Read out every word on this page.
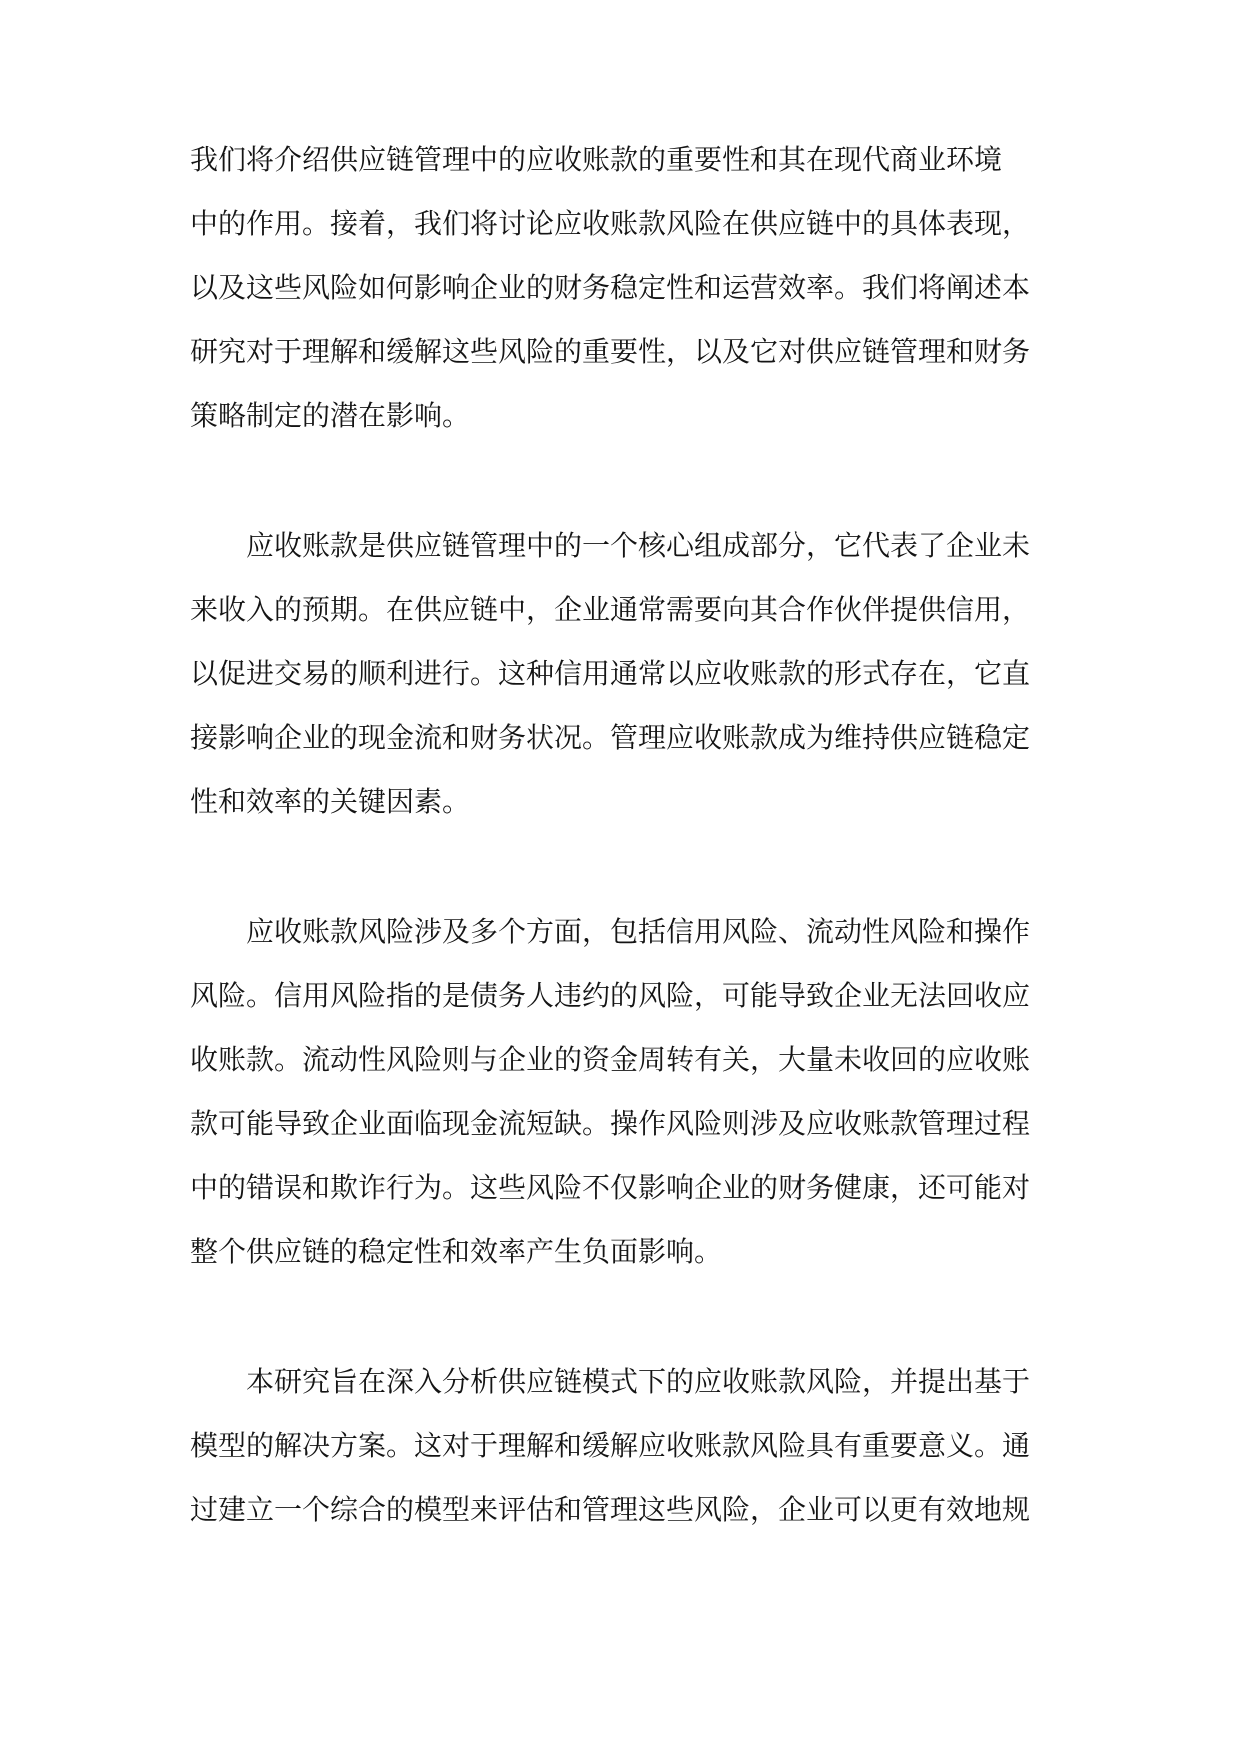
我们将介绍供应链管理中的应收账款的重要性和其在现代商业环境
中的作用。接着，我们将讨论应收账款风险在供应链中的具体表现，
以及这些风险如何影响企业的财务稳定性和运营效率。我们将阐述本
研究对于理解和缓解这些风险的重要性，以及它对供应链管理和财务
策略制定的潜在影响。
应收账款是供应链管理中的一个核心组成部分，它代表了企业未
来收入的预期。在供应链中，企业通常需要向其合作伙伴提供信用，
以促进交易的顺利进行。这种信用通常以应收账款的形式存在，它直
接影响企业的现金流和财务状况。管理应收账款成为维持供应链稳定
性和效率的关键因素。
应收账款风险涉及多个方面，包括信用风险、流动性风险和操作
风险。信用风险指的是债务人违约的风险，可能导致企业无法回收应
收账款。流动性风险则与企业的资金周转有关，大量未收回的应收账
款可能导致企业面临现金流短缺。操作风险则涉及应收账款管理过程
中的错误和欺诈行为。这些风险不仅影响企业的财务健康，还可能对
整个供应链的稳定性和效率产生负面影响。
本研究旨在深入分析供应链模式下的应收账款风险，并提出基于
模型的解决方案。这对于理解和缓解应收账款风险具有重要意义。通
过建立一个综合的模型来评估和管理这些风险，企业可以更有效地规
